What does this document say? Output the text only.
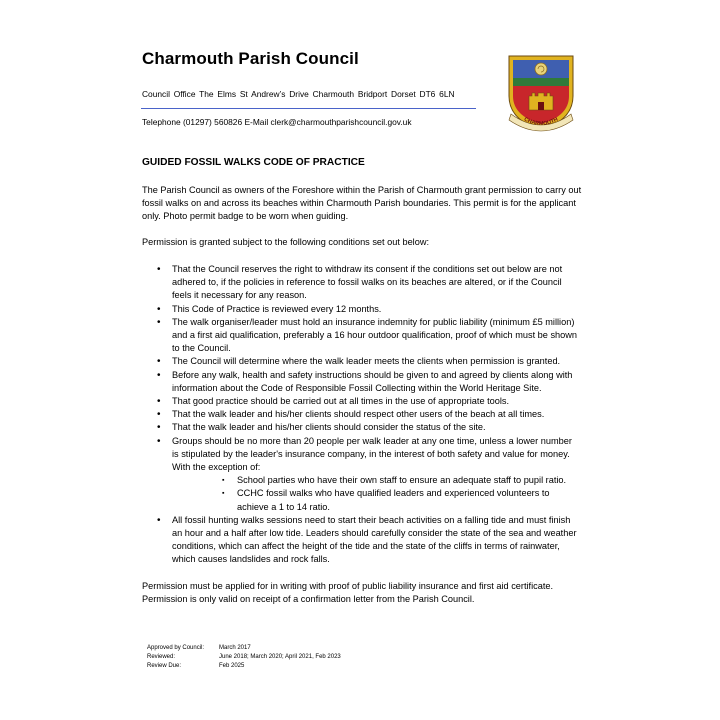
Charmouth Parish Council
Council Office The Elms St Andrew’s Drive Charmouth Bridport Dorset DT6 6LN
Telephone (01297) 560826 E-Mail clerk@charmouthparishcouncil.gov.uk	CHARMOUTH
GUIDED FOSSIL WALKS CODE OF PRACTICE
The Parish Council as owners of the Foreshore within the Parish of Charmouth grant permission to carry out fossil walks on and across its beaches within Charmouth Parish boundaries. This permit is for the applicant only. Photo permit badge to be worn when guiding.
Permission is granted subject to the following conditions set out below:
• That the Council reserves the right to withdraw its consent if the conditions set out below are not adhered to, if the policies in reference to fossil walks on its beaches are altered, or if the Council feels it necessary for any reason.
• This Code of Practice is reviewed every 12 months.
• The walk organiser/leader must hold an insurance indemnity for public liability (minimum £5 million) and a first aid qualification, preferably a 16 hour outdoor qualification, proof of which must be shown to the Council.
• The Council will determine where the walk leader meets the clients when permission is granted.
• Before any walk, health and safety instructions should be given to and agreed by clients along with information about the Code of Responsible Fossil Collecting within the World Heritage Site.
• That good practice should be carried out at all times in the use of appropriate tools.
• That the walk leader and his/her clients should respect other users of the beach at all times.
• That the walk leader and his/her clients should consider the status of the site.
• Groups should be no more than 20 people per walk leader at any one time, unless a lower number is stipulated by the leader's insurance company, in the interest of both safety and value for money. With the exception of:
▪ School parties who have their own staff to ensure an adequate staff to pupil ratio.
▪ CCHC fossil walks who have qualified leaders and experienced volunteers to achieve a 1 to 14 ratio.
• All fossil hunting walks sessions need to start their beach activities on a falling tide and must finish an hour and a half after low tide. Leaders should carefully consider the state of the sea and weather conditions, which can affect the height of the tide and the state of the cliffs in terms of rainwater, which causes landslides and rock falls.
Permission must be applied for in writing with proof of public liability insurance and first aid certificate. Permission is only valid on receipt of a confirmation letter from the Parish Council.
Approved by Council:	March 2017
Reviewed:	June 2018; March 2020; April 2021, Feb 2023
Review Due:	Feb 2025
